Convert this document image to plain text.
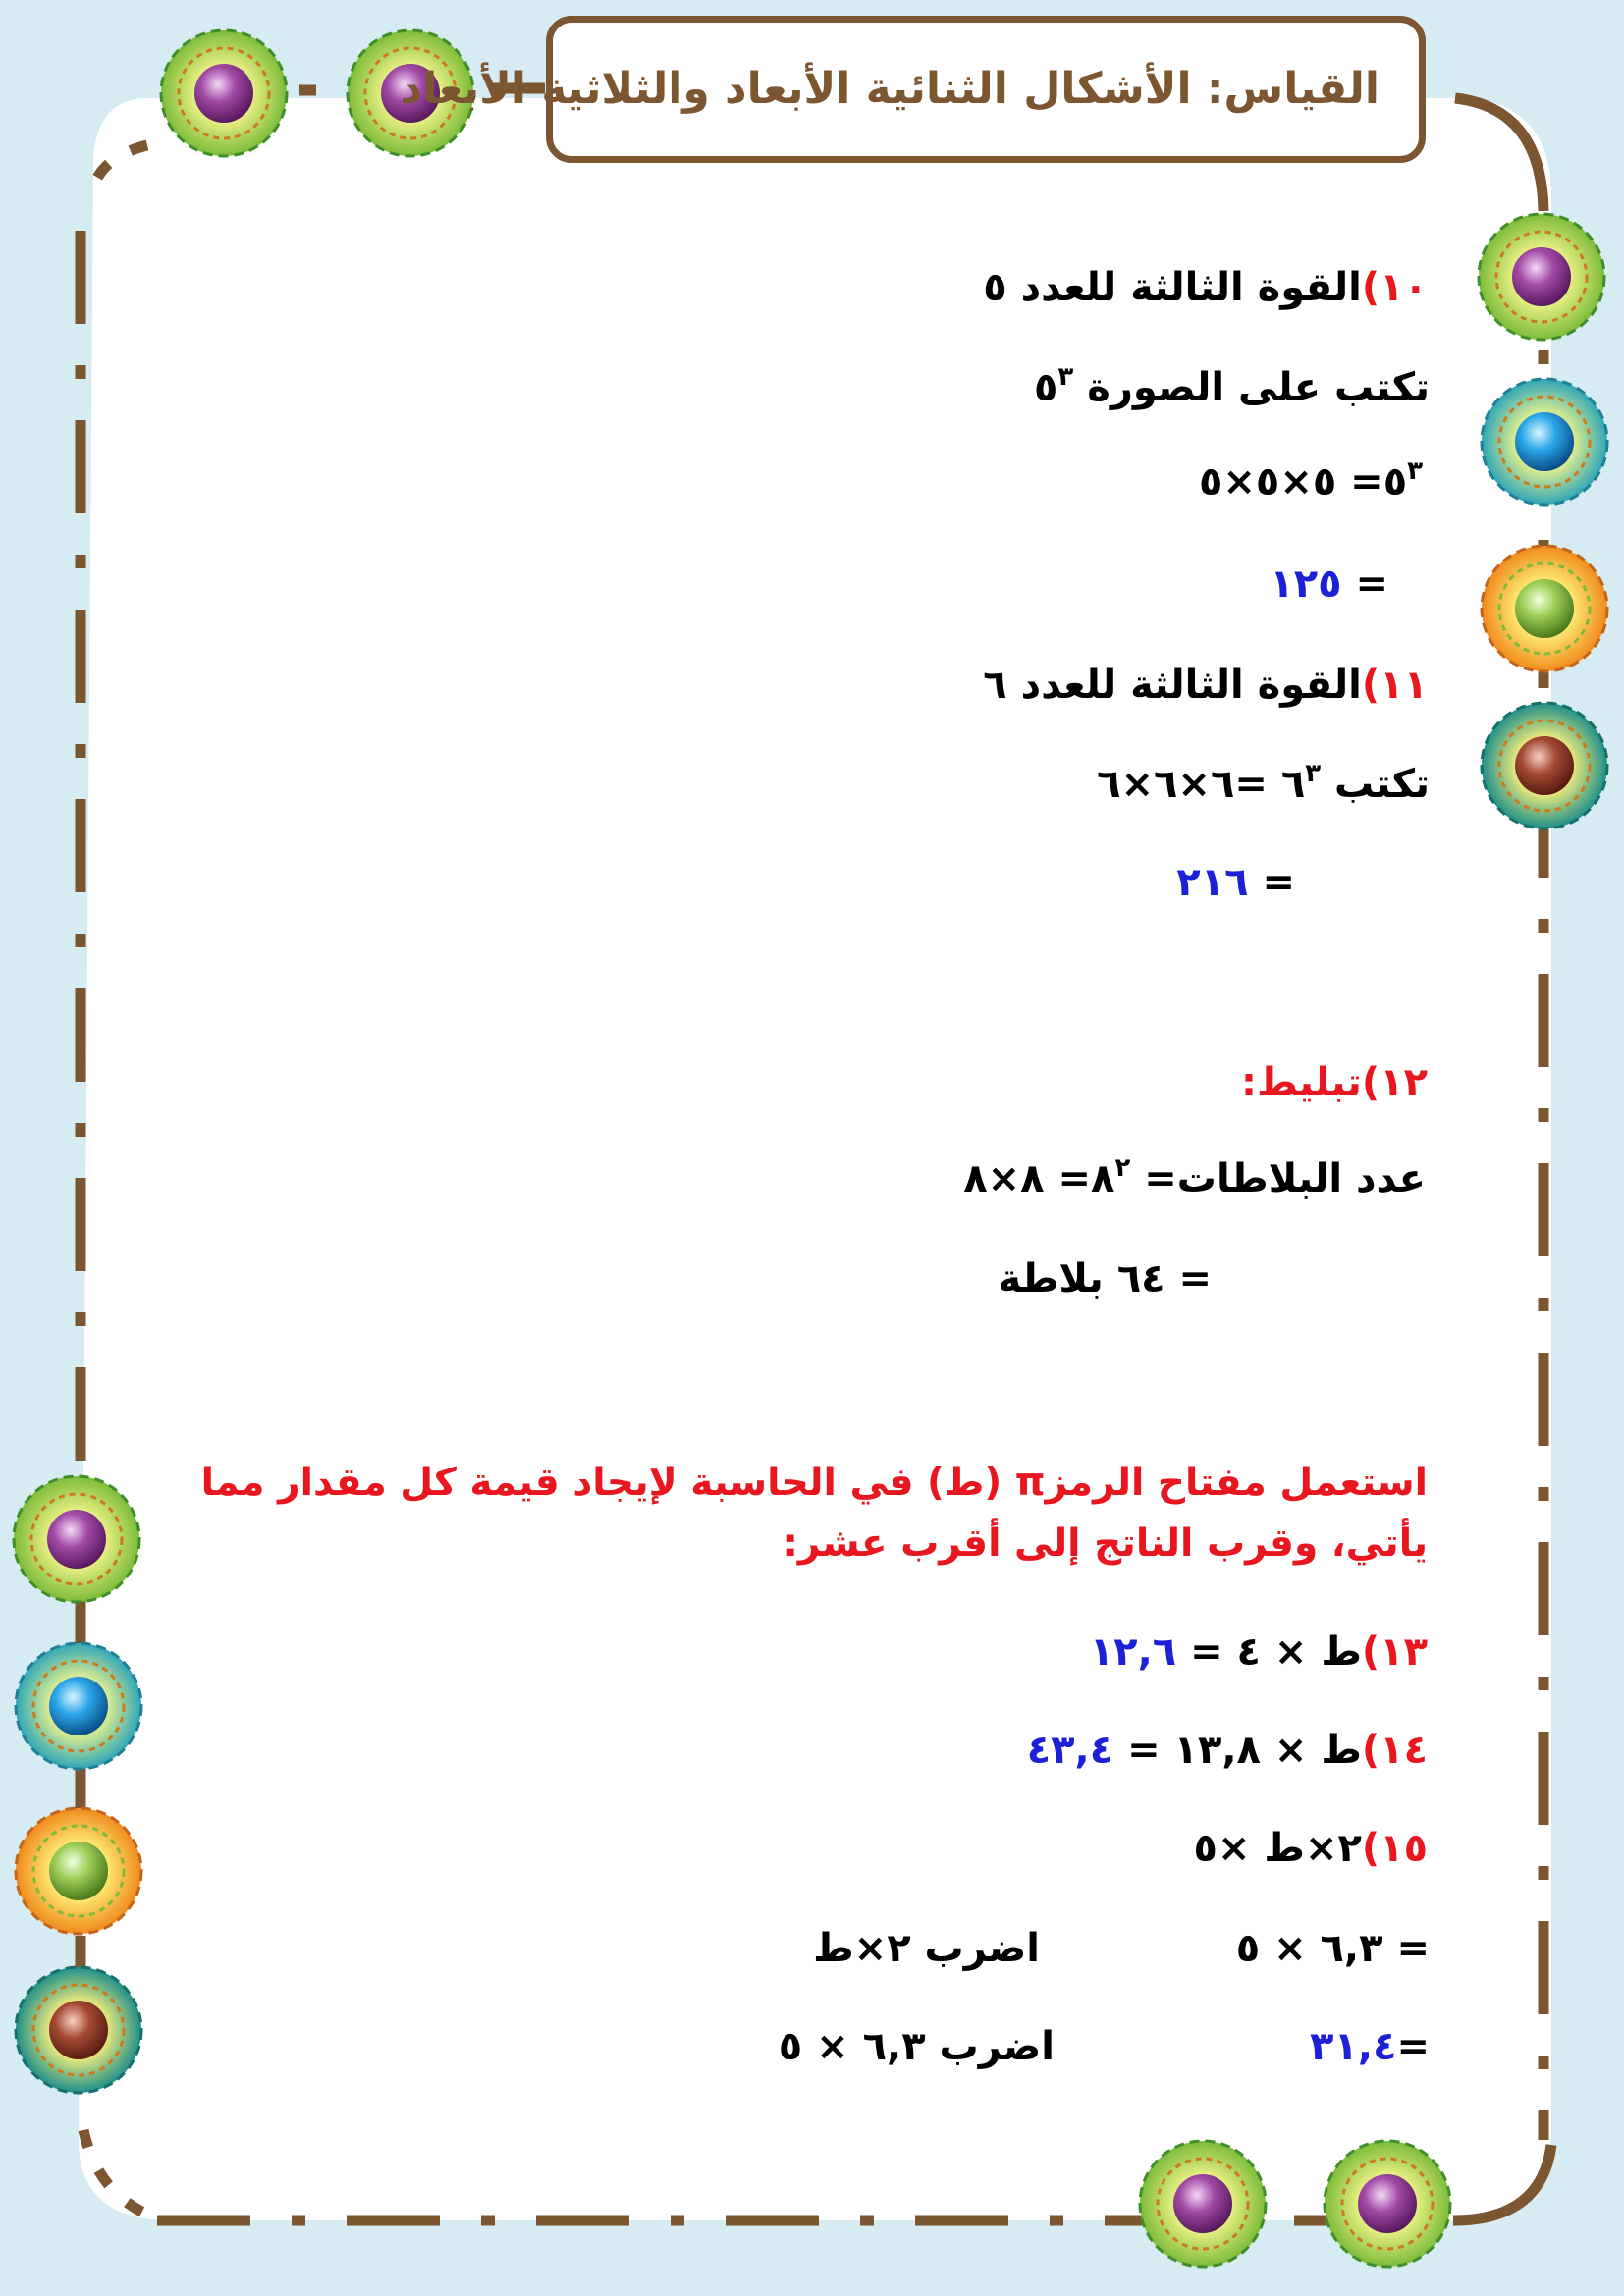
القياس: الأشكال الثنائية الأبعاد والثلاثية الأبعاد
١٠)القوة الثالثة للعدد ٥
تكتب على الصورة $٥^٣$
$٥^٣=$ ٥×٥×٥
= ١٢٥
١١)القوة الثالثة للعدد ٦
تكتب $٦^٣$ =٦×٦×٦
= ٢١٦
١٢)تبليط:
عدد البلاطات= $٨^٢=$ ٨×٨
= ٦٤ بلاطة
استعمل مفتاح الرمزπ (ط) في الحاسبة لإيجاد قيمة كل مقدار مما يأتي، وقرب الناتج إلى أقرب عشر:
١٣)ط × ٤ = ١٢,٦
١٤)ط × ١٣,٨ = ٤٣,٤
١٥)٢×ط ×٥
= ٦,٣ × ٥
اضرب ٢×ط
=٣١,٤
اضرب ٦,٣ × ٥
